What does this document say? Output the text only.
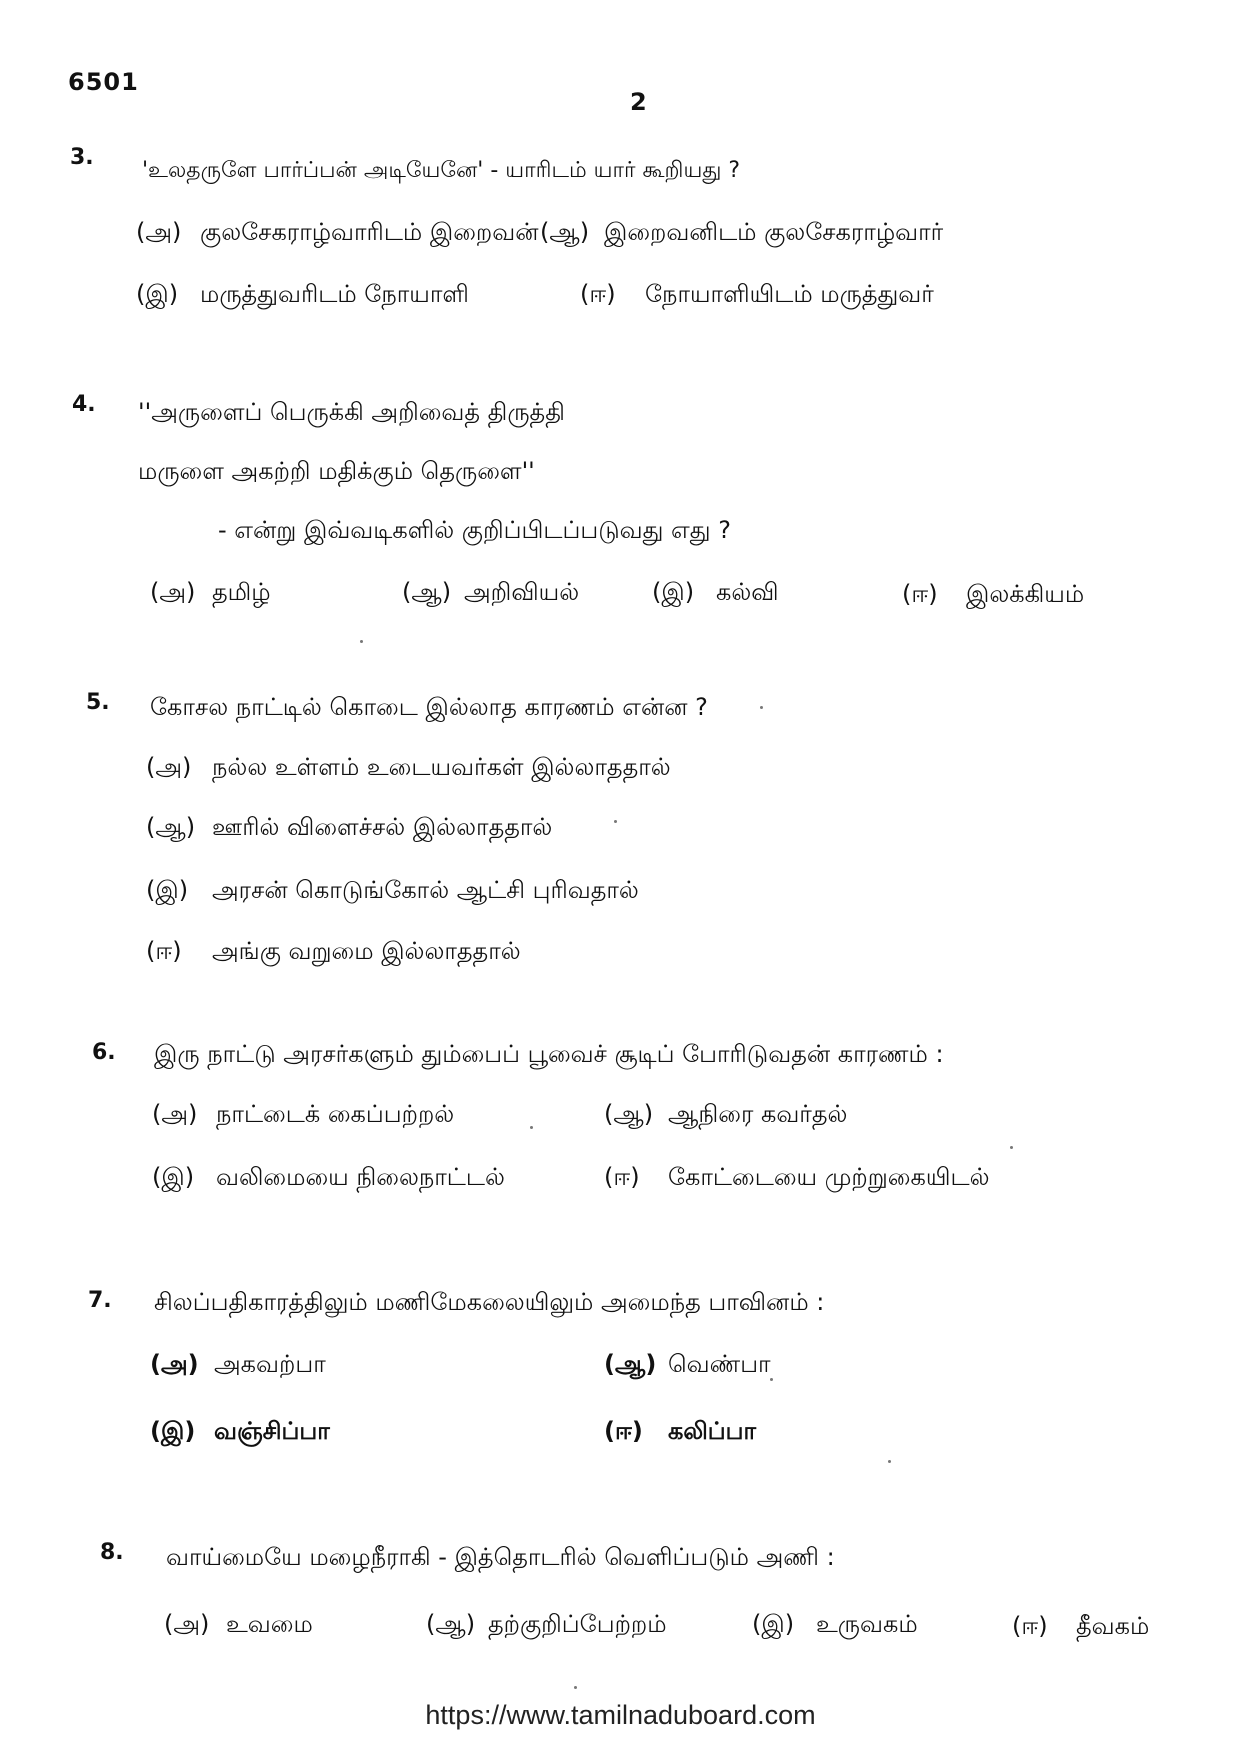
6501
2
3.
'உலதருளே பார்ப்பன் அடியேனே' - யாரிடம் யார் கூறியது ?
(அ) குலசேகராழ்வாரிடம் இறைவன் (ஆ) இறைவனிடம் குலசேகராழ்வார்
(இ) மருத்துவரிடம் நோயாளி	(ஈ) நோயாளியிடம் மருத்துவர்
4. ''அருளைப் பெருக்கி அறிவைத் திருத்தி
மருளை அகற்றி மதிக்கும் தெருளை''
- என்று இவ்வடிகளில் குறிப்பிடப்படுவது எது ?
(அ) தமிழ்	(ஆ) அறிவியல்	(இ) கல்வி	(ஈ) இலக்கியம்
5. கோசல நாட்டில் கொடை இல்லாத காரணம் என்ன ?
(அ) நல்ல உள்ளம் உடையவர்கள் இல்லாததால்
(ஆ) ஊரில் விளைச்சல் இல்லாததால்
(இ) அரசன் கொடுங்கோல் ஆட்சி புரிவதால்
(ஈ) அங்கு வறுமை இல்லாததால்
6. இரு நாட்டு அரசர்களும் தும்பைப் பூவைச் சூடிப் போரிடுவதன் காரணம் :
(அ) நாட்டைக் கைப்பற்றல்	(ஆ) ஆநிரை கவர்தல்
(இ) வலிமையை நிலைநாட்டல்	(ஈ) கோட்டையை முற்றுகையிடல்
7. சிலப்பதிகாரத்திலும் மணிமேகலையிலும் அமைந்த பாவினம் :
(அ) அகவற்பா	(ஆ) வெண்பா
(இ) வஞ்சிப்பா	(ஈ) கலிப்பா
8. வாய்மையே மழைநீராகி - இத்தொடரில் வெளிப்படும் அணி :
(அ) உவமை	(ஆ) தற்குறிப்பேற்றம்	(இ) உருவகம்	(ஈ) தீவகம்
https://www.tamilnaduboard.com
